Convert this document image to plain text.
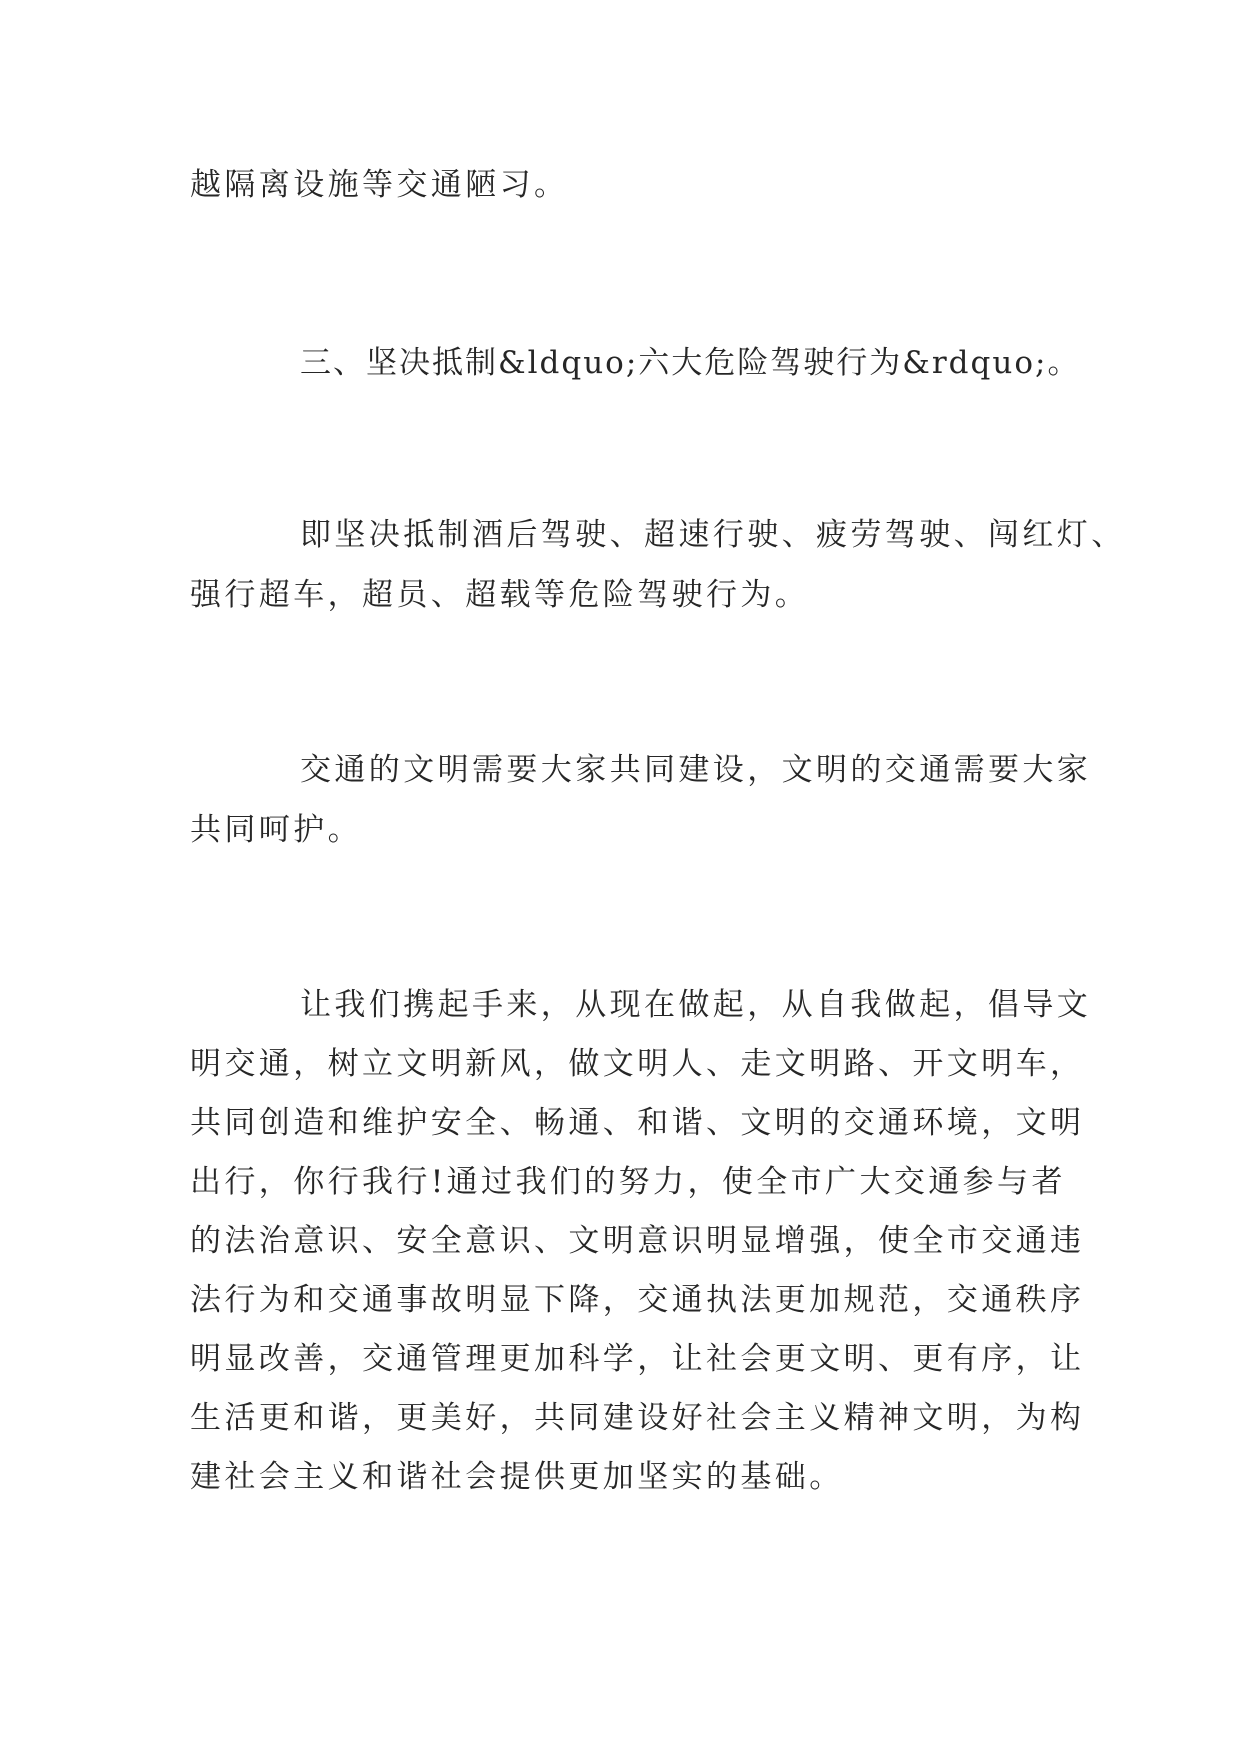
越隔离设施等交通陋习。

三、坚决抵制&ldquo;六大危险驾驶行为&rdquo;。

即坚决抵制酒后驾驶、超速行驶、疲劳驾驶、闯红灯、

强行超车，超员、超载等危险驾驶行为。

交通的文明需要大家共同建设，文明的交通需要大家

共同呵护。

让我们携起手来，从现在做起，从自我做起，倡导文

明交通，树立文明新风，做文明人、走文明路、开文明车，

共同创造和维护安全、畅通、和谐、文明的交通环境，文明

出行，你行我行!通过我们的努力，使全市广大交通参与者

的法治意识、安全意识、文明意识明显增强，使全市交通违

法行为和交通事故明显下降，交通执法更加规范，交通秩序

明显改善，交通管理更加科学，让社会更文明、更有序，让

生活更和谐，更美好，共同建设好社会主义精神文明，为构

建社会主义和谐社会提供更加坚实的基础。
